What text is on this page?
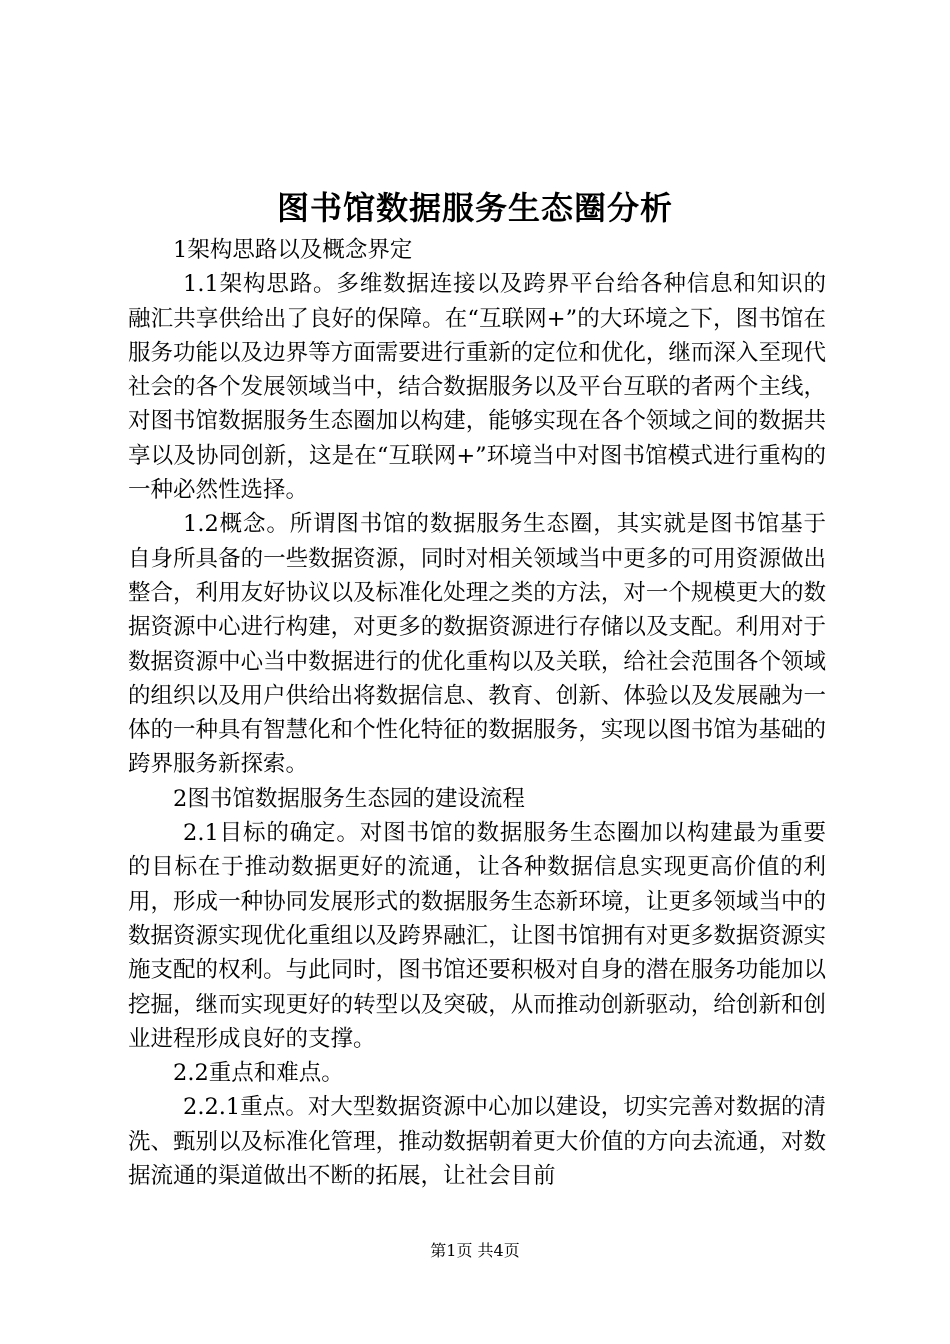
图书馆数据服务生态圈分析

1架构思路以及概念界定

1.1架构思路。多维数据连接以及跨界平台给各种信息和知识的融汇共享供给出了良好的保障。在“互联网+”的大环境之下，图书馆在服务功能以及边界等方面需要进行重新的定位和优化，继而深入至现代社会的各个发展领域当中，结合数据服务以及平台互联的者两个主线，对图书馆数据服务生态圈加以构建，能够实现在各个领域之间的数据共享以及协同创新，这是在“互联网+”环境当中对图书馆模式进行重构的一种必然性选择。

1.2概念。所谓图书馆的数据服务生态圈，其实就是图书馆基于自身所具备的一些数据资源，同时对相关领域当中更多的可用资源做出整合，利用友好协议以及标准化处理之类的方法，对一个规模更大的数据资源中心进行构建，对更多的数据资源进行存储以及支配。利用对于数据资源中心当中数据进行的优化重构以及关联，给社会范围各个领域的组织以及用户供给出将数据信息、教育、创新、体验以及发展融为一体的一种具有智慧化和个性化特征的数据服务，实现以图书馆为基础的跨界服务新探索。

2图书馆数据服务生态园的建设流程

2.1目标的确定。对图书馆的数据服务生态圈加以构建最为重要的目标在于推动数据更好的流通，让各种数据信息实现更高价值的利用，形成一种协同发展形式的数据服务生态新环境，让更多领域当中的数据资源实现优化重组以及跨界融汇，让图书馆拥有对更多数据资源实施支配的权利。与此同时，图书馆还要积极对自身的潜在服务功能加以挖掘，继而实现更好的转型以及突破，从而推动创新驱动，给创新和创业进程形成良好的支撑。

2.2重点和难点。

2.2.1重点。对大型数据资源中心加以建设，切实完善对数据的清洗、甄别以及标准化管理，推动数据朝着更大价值的方向去流通，对数据流通的渠道做出不断的拓展，让社会目前

第1页 共4页
